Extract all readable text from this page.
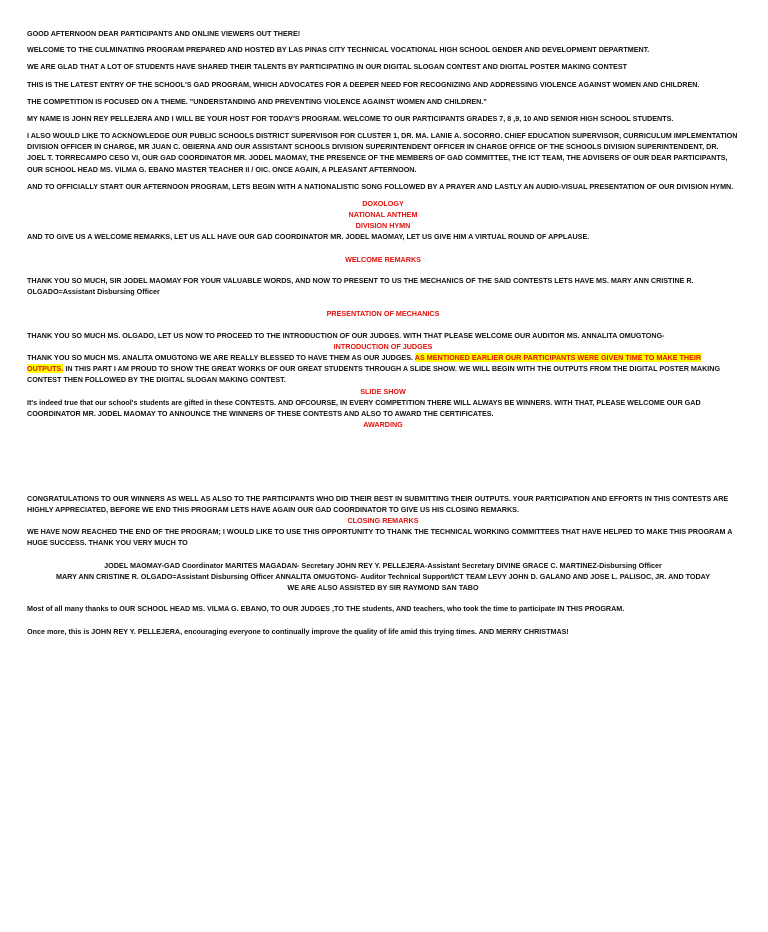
GOOD AFTERNOON DEAR PARTICIPANTS AND ONLINE VIEWERS OUT THERE!

WELCOME TO THE CULMINATING PROGRAM PREPARED AND HOSTED BY LAS PINAS CITY TECHNICAL VOCATIONAL HIGH SCHOOL GENDER AND DEVELOPMENT DEPARTMENT.

WE ARE GLAD THAT A LOT OF STUDENTS HAVE SHARED THEIR TALENTS BY PARTICIPATING IN OUR DIGITAL SLOGAN CONTEST AND DIGITAL POSTER MAKING CONTEST

THIS IS THE LATEST ENTRY OF THE SCHOOL'S GAD PROGRAM, WHICH ADVOCATES FOR A DEEPER NEED FOR RECOGNIZING AND ADDRESSING VIOLENCE AGAINST WOMEN AND CHILDREN.

THE COMPETITION IS FOCUSED ON A THEME. "UNDERSTANDING AND PREVENTING VIOLENCE AGAINST WOMEN AND CHILDREN."

MY NAME IS JOHN REY PELLEJERA AND I WILL BE YOUR HOST FOR TODAY'S PROGRAM. WELCOME TO OUR PARTICIPANTS GRADES 7, 8 ,9, 10 AND SENIOR HIGH SCHOOL STUDENTS.

I ALSO WOULD LIKE TO ACKNOWLEDGE OUR PUBLIC SCHOOLS DISTRICT SUPERVISOR FOR CLUSTER 1, DR. MA. LANIE A. SOCORRO. CHIEF EDUCATION SUPERVISOR, CURRICULUM IMPLEMENTATION DIVISION OFFICER IN CHARGE, MR JUAN C. OBIERNA AND OUR ASSISTANT SCHOOLS DIVISION SUPERINTENDENT OFFICER IN CHARGE OFFICE OF THE SCHOOLS DIVISION SUPERINTENDENT, DR. JOEL T. TORRECAMPO CESO VI, OUR GAD COORDINATOR MR. JODEL MAOMAY, THE PRESENCE OF THE MEMBERS OF GAD COMMITTEE, THE ICT TEAM, THE ADVISERS OF OUR DEAR PARTICIPANTS, OUR SCHOOL HEAD MS. VILMA G. EBANO MASTER TEACHER II / OIC. ONCE AGAIN, A PLEASANT AFTERNOON.

AND TO OFFICIALLY START OUR AFTERNOON PROGRAM, LETS BEGIN WITH A NATIONALISTIC SONG FOLLOWED BY A PRAYER AND LASTLY AN AUDIO-VISUAL PRESENTATION OF OUR DIVISION HYMN.

DOXOLOGY

NATIONAL ANTHEM

DIVISION HYMN

AND TO GIVE US A WELCOME REMARKS, LET US ALL HAVE OUR GAD COORDINATOR MR. JODEL MAOMAY, LET US GIVE HIM A VIRTUAL ROUND OF APPLAUSE.

WELCOME REMARKS

THANK YOU SO MUCH, SIR JODEL MAOMAY FOR YOUR VALUABLE WORDS, AND NOW TO PRESENT TO US THE MECHANICS OF THE SAID CONTESTS LETS HAVE MS. MARY ANN CRISTINE R. OLGADO=Assistant Disbursing Officer

PRESENTATION OF MECHANICS

THANK YOU SO MUCH MS. OLGADO, LET US NOW TO PROCEED TO THE INTRODUCTION OF OUR JUDGES. WITH THAT PLEASE WELCOME OUR AUDITOR MS. ANNALITA OMUGTONG-

INTRODUCTION OF JUDGES

THANK YOU SO MUCH MS. ANALITA OMUGTONG WE ARE REALLY BLESSED TO HAVE THEM AS OUR JUDGES. AS MENTIONED EARLIER OUR PARTICIPANTS WERE GIVEN TIME TO MAKE THEIR OUTPUTS. IN THIS PART I AM PROUD TO SHOW THE GREAT WORKS OF OUR GREAT STUDENTS THROUGH A SLIDE SHOW. WE WILL BEGIN WITH THE OUTPUTS FROM THE DIGITAL POSTER MAKING CONTEST THEN FOLLOWED BY THE DIGITAL SLOGAN MAKING CONTEST.

SLIDE SHOW

It's indeed true that our school's students are gifted in these CONTESTS. AND OFCOURSE, IN EVERY COMPETITION THERE WILL ALWAYS BE WINNERS. WITH THAT, PLEASE WELCOME OUR GAD COORDINATOR MR. JODEL MAOMAY TO ANNOUNCE THE WINNERS OF THESE CONTESTS AND ALSO TO AWARD THE CERTIFICATES.

AWARDING

CONGRATULATIONS TO OUR WINNERS AS WELL AS ALSO TO THE PARTICIPANTS WHO DID THEIR BEST IN SUBMITTING THEIR OUTPUTS. YOUR PARTICIPATION AND EFFORTS IN THIS CONTESTS ARE HIGHLY APPRECIATED, BEFORE WE END THIS PROGRAM LETS HAVE AGAIN OUR GAD COORDINATOR TO GIVE US HIS CLOSING REMARKS.

CLOSING REMARKS

WE HAVE NOW REACHED THE END OF THE PROGRAM; I WOULD LIKE TO USE THIS OPPORTUNITY TO THANK THE TECHNICAL WORKING COMMITTEES THAT HAVE HELPED TO MAKE THIS PROGRAM A HUGE SUCCESS. THANK YOU VERY MUCH TO

JODEL MAOMAY-GAD Coordinator MARITES MAGADAN- Secretary JOHN REY Y. PELLEJERA-Assistant Secretary DIVINE GRACE C. MARTINEZ-Disbursing Officer

MARY ANN CRISTINE R. OLGADO=Assistant Disbursing Officer ANNALITA OMUGTONG- Auditor Technical Support/ICT TEAM LEVY JOHN D. GALANO AND JOSE L. PALISOC, JR. AND TODAY

WE ARE ALSO ASSISTED BY SIR RAYMOND SAN TABO

Most of all many thanks to OUR SCHOOL HEAD MS. VILMA G. EBANO, TO OUR JUDGES ,TO THE students, AND teachers, who took the time to participate IN THIS PROGRAM.

Once more, this is JOHN REY Y. PELLEJERA, encouraging everyone to continually improve the quality of life amid this trying times. AND MERRY CHRISTMAS!
